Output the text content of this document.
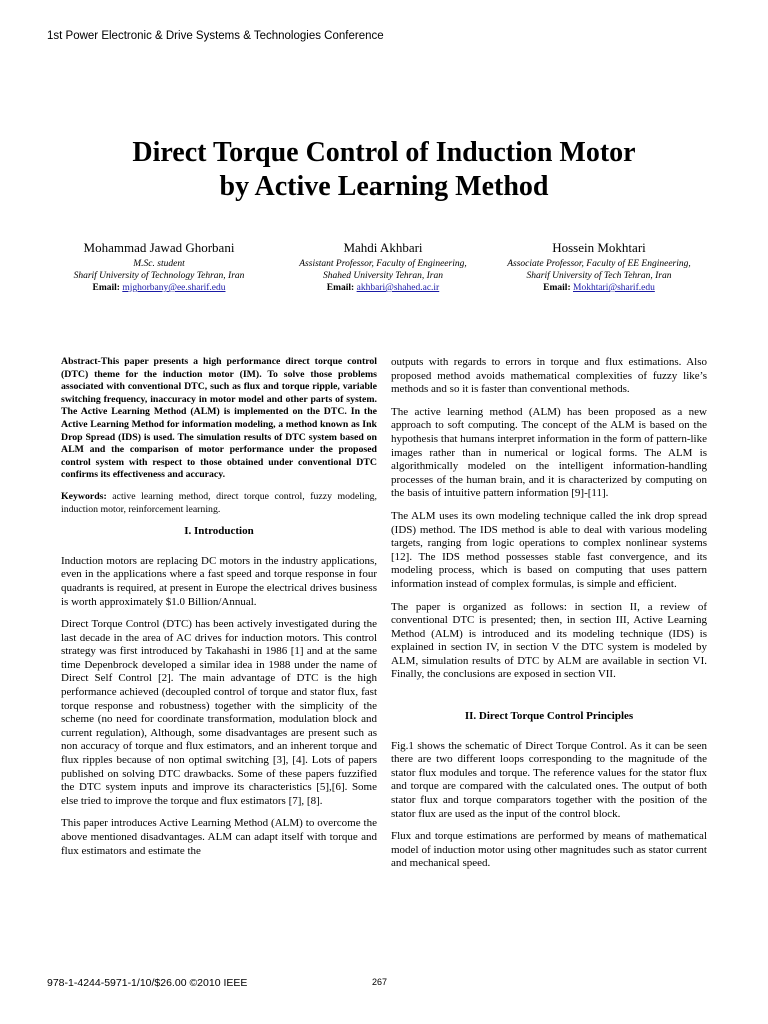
1st Power Electronic & Drive Systems & Technologies Conference
Direct Torque Control of Induction Motor
by Active Learning Method
Mohammad Jawad Ghorbani
M.Sc. student
Sharif University of Technology Tehran, Iran
Email: mjghorbany@ee.sharif.edu
Mahdi Akhbari
Assistant Professor, Faculty of Engineering,
Shahed University Tehran, Iran
Email: akhbari@shahed.ac.ir
Hossein Mokhtari
Associate Professor, Faculty of EE Engineering,
Sharif University of Tech Tehran, Iran
Email: Mokhtari@sharif.edu

Abstract-This paper presents a high performance direct torque control (DTC) theme for the induction motor (IM). To solve those problems associated with conventional DTC, such as flux and torque ripple, variable switching frequency, inaccuracy in motor model and other parts of system. The Active Learning Method (ALM) is implemented on the DTC. In the Active Learning Method for information modeling, a method known as Ink Drop Spread (IDS) is used. The simulation results of DTC system based on ALM and the comparison of motor performance under the proposed control system with respect to those obtained under conventional DTC confirms its effectiveness and accuracy.

Keywords: active learning method, direct torque control, fuzzy modeling, induction motor, reinforcement learning.

I. Introduction

Induction motors are replacing DC motors in the industry applications, even in the applications where a fast speed and torque response in four quadrants is required, at present in Europe the electrical drives business is worth approximately $1.0 Billion/Annual.

Direct Torque Control (DTC) has been actively investigated during the last decade in the area of AC drives for induction motors. This control strategy was first introduced by Takahashi in 1986 [1] and at the same time Depenbrock developed a similar idea in 1988 under the name of Direct Self Control [2]. The main advantage of DTC is the high performance achieved (decoupled control of torque and stator flux, fast torque response and robustness) together with the simplicity of the scheme (no need for coordinate transformation, modulation block and current regulation), Although, some disadvantages are present such as non accuracy of torque and flux estimators, and an inherent torque and flux ripples because of non optimal switching [3], [4]. Lots of papers published on solving DTC drawbacks. Some of these papers fuzzified the DTC system inputs and improve its characteristics [5],[6]. Some else tried to improve the torque and flux estimators [7], [8].

This paper introduces Active Learning Method (ALM) to overcome the above mentioned disadvantages. ALM can adapt itself with torque and flux estimators and estimate the

outputs with regards to errors in torque and flux estimations. Also proposed method avoids mathematical complexities of fuzzy like’s methods and so it is faster than conventional methods.

The active learning method (ALM) has been proposed as a new approach to soft computing. The concept of the ALM is based on the hypothesis that humans interpret information in the form of pattern-like images rather than in numerical or logical forms. The ALM is algorithmically modeled on the intelligent information-handling processes of the human brain, and it is characterized by computing on the basis of intuitive pattern information [9]-[11].

The ALM uses its own modeling technique called the ink drop spread (IDS) method. The IDS method is able to deal with various modeling targets, ranging from logic operations to complex nonlinear systems [12]. The IDS method possesses stable fast convergence, and its modeling process, which is based on computing that uses pattern information instead of complex formulas, is simple and efficient.

The paper is organized as follows: in section II, a review of conventional DTC is presented; then, in section III, Active Learning Method (ALM) is introduced and its modeling technique (IDS) is explained in section IV, in section V the DTC system is modeled by ALM, simulation results of DTC by ALM are available in section VI. Finally, the conclusions are exposed in section VII.

II. Direct Torque Control Principles

Fig.1 shows the schematic of Direct Torque Control. As it can be seen there are two different loops corresponding to the magnitude of the stator flux modules and torque. The reference values for the stator flux and torque are compared with the calculated ones. The output of both stator flux and torque comparators together with the position of the stator flux are used as the input of the control block.

Flux and torque estimations are performed by means of mathematical model of induction motor using other magnitudes such as stator current and mechanical speed.

978-1-4244-5971-1/10/$26.00 ©2010 IEEE	267
